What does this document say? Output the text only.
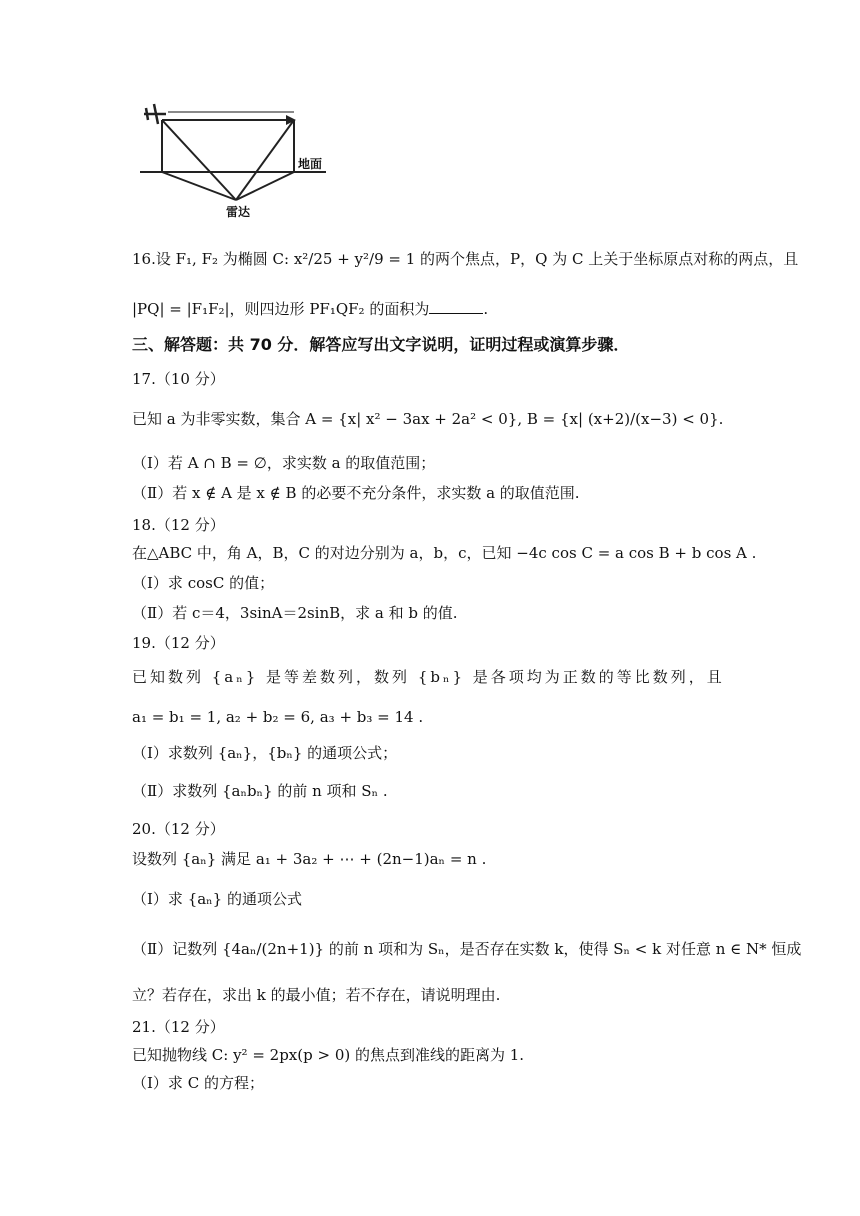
地面
雷达
16.设 F₁, F₂ 为椭圆 C: x²/25 + y²/9 = 1 的两个焦点，P，Q 为 C 上关于坐标原点对称的两点，且
|PQ| = |F₁F₂|，则四边形 PF₁QF₂ 的面积为	.
三、解答题：共 70 分．解答应写出文字说明，证明过程或演算步骤．
17.（10 分）
已知 a 为非零实数，集合 A = {x| x² − 3ax + 2a² < 0}, B = {x| (x+2)/(x−3) < 0}.
（Ⅰ）若 A ∩ B = ∅，求实数 a 的取值范围；
（Ⅱ）若 x ∉ A 是 x ∉ B 的必要不充分条件，求实数 a 的取值范围.
18.（12 分）
在△ABC 中，角 A，B，C 的对边分别为 a，b，c，已知 −4c cos C = a cos B + b cos A .
（Ⅰ）求 cosC 的值；
（Ⅱ）若 c＝4，3sinA＝2sinB，求 a 和 b 的值.
19.（12 分）
已知数列 {aₙ} 是等差数列，数列 {bₙ} 是各项均为正数的等比数列，且
a₁ = b₁ = 1, a₂ + b₂ = 6, a₃ + b₃ = 14 .
（Ⅰ）求数列 {aₙ}，{bₙ} 的通项公式；
（Ⅱ）求数列 {aₙbₙ} 的前 n 项和 Sₙ .
20.（12 分）
设数列 {aₙ} 满足 a₁ + 3a₂ + ⋯ + (2n−1)aₙ = n .
（Ⅰ）求 {aₙ} 的通项公式
（Ⅱ）记数列 {4aₙ/(2n+1)} 的前 n 项和为 Sₙ，是否存在实数 k，使得 Sₙ < k 对任意 n ∈ N* 恒成
立？若存在，求出 k 的最小值；若不存在，请说明理由.
21.（12 分）
已知抛物线 C: y² = 2px(p > 0) 的焦点到准线的距离为 1.
（Ⅰ）求 C 的方程；
